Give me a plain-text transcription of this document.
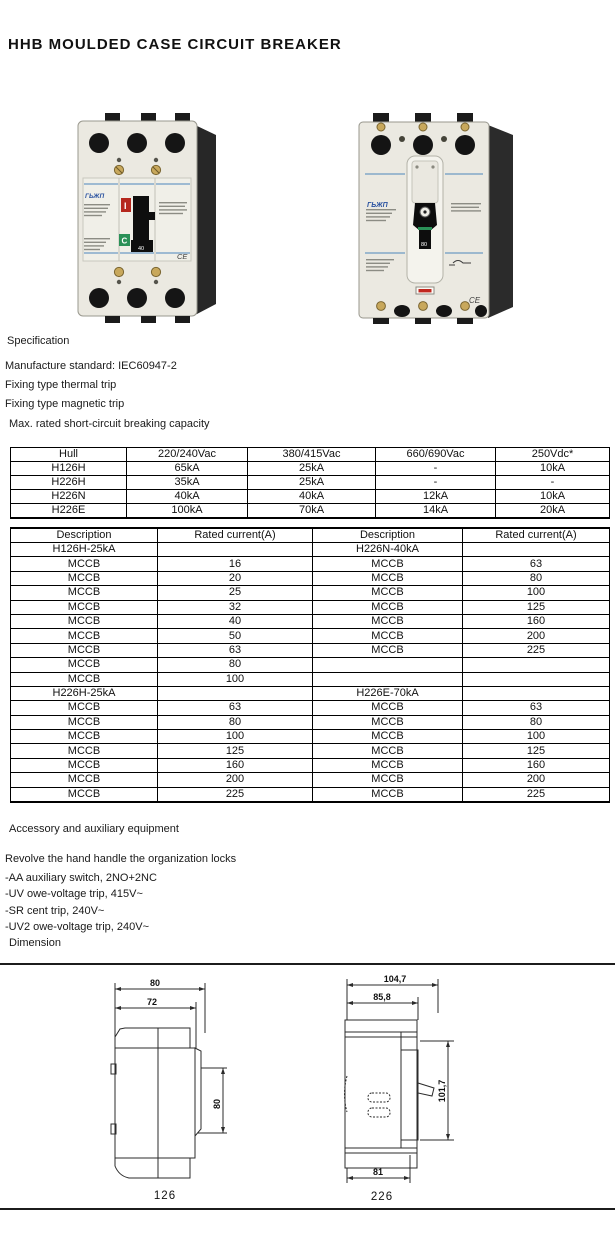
HHB MOULDED CASE CIRCUIT BREAKER
ГЬЖП
I
C
40
CE
ГЬЖП
80
CE
Specification
Manufacture standard: IEC60947-2
Fixing type thermal trip
Fixing type magnetic trip
Max. rated short-circuit breaking capacity
Hull	220/240Vac	380/415Vac	660/690Vac	250Vdc*
H126H	65kA	25kA	-	10kA
H226H	35kA	25kA	-	-
H226N	40kA	40kA	12kA	10kA
H226E	100kA	70kA	14kA	20kA
Description	Rated current(A)	Description	Rated current(A)
H126H-25kA		H226N-40kA	
MCCB	16	MCCB	63
MCCB	20	MCCB	80
MCCB	25	MCCB	100
MCCB	32	MCCB	125
MCCB	40	MCCB	160
MCCB	50	MCCB	200
MCCB	63	MCCB	225
MCCB	80		
MCCB	100		
H226H-25kA		H226E-70kA	
MCCB	63	MCCB	63
MCCB	80	MCCB	80
MCCB	100	MCCB	100
MCCB	125	MCCB	125
MCCB	160	MCCB	160
MCCB	200	MCCB	200
MCCB	225	MCCB	225
Accessory and auxiliary equipment
Revolve the hand handle the organization locks
-AA auxiliary switch, 2NO+2NC
-UV owe-voltage trip, 415V~
-SR cent trip, 240V~
-UV2 owe-voltage trip, 240V~
Dimension
80
72
80
126
104,7
85,8
101,7
81
226
